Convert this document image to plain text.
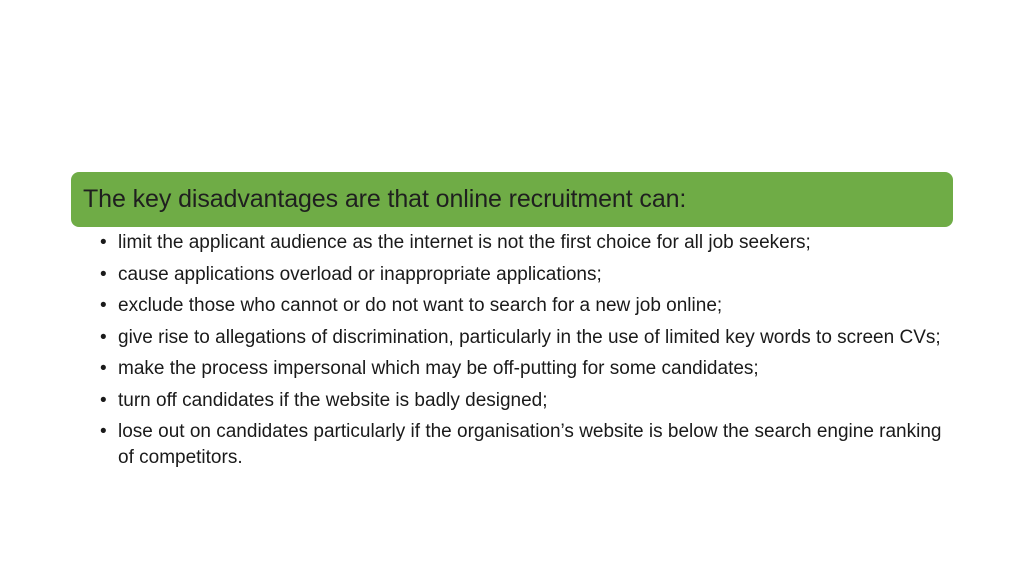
The key disadvantages are that online recruitment can:
• limit the applicant audience as the internet is not the first choice for all job seekers;
• cause applications overload or inappropriate applications;
• exclude those who cannot or do not want to search for a new job online;
• give rise to allegations of discrimination, particularly in the use of limited key words to screen CVs;
• make the process impersonal which may be off-putting for some candidates;
• turn off candidates if the website is badly designed;
• lose out on candidates particularly if the organisation’s website is below the search engine ranking of competitors.
